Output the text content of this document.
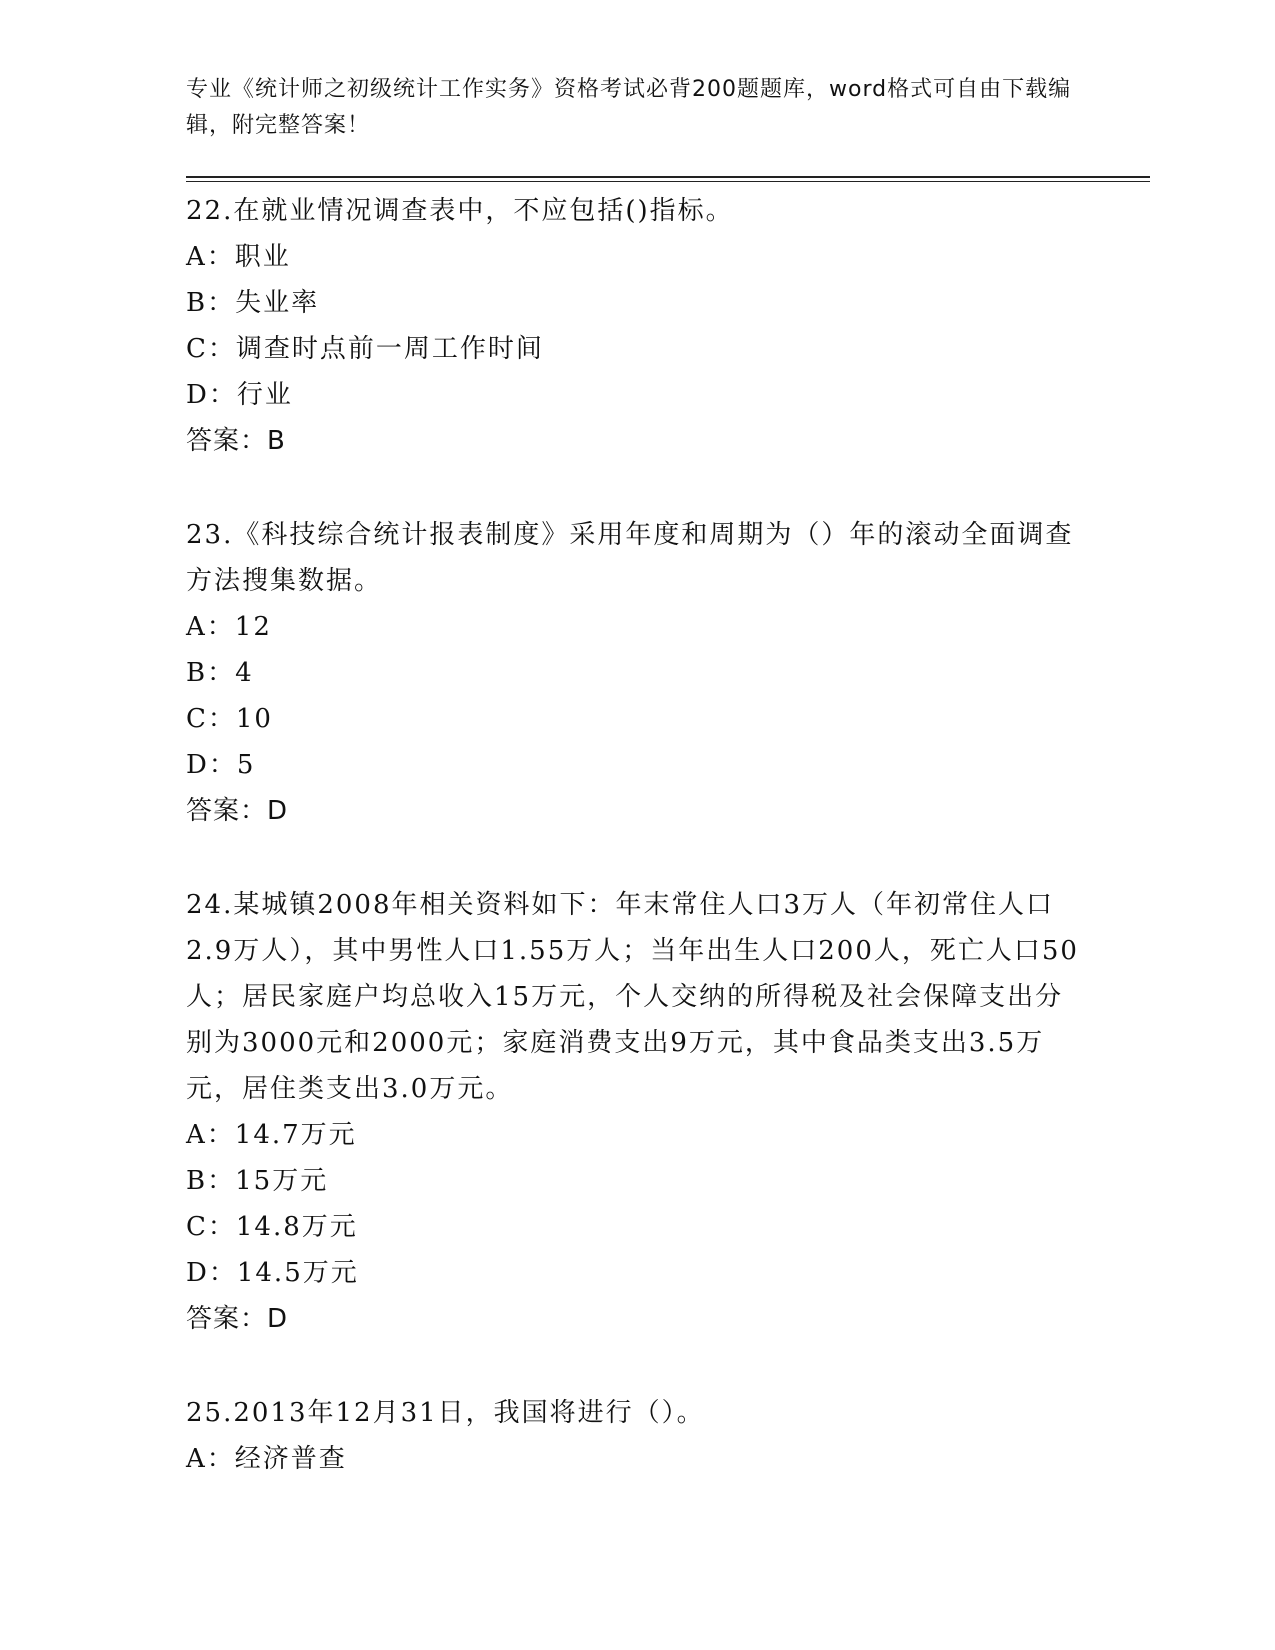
专业《统计师之初级统计工作实务》资格考试必背200题题库，word格式可自由下载编辑，附完整答案！
22.在就业情况调查表中，不应包括()指标。
A：职业
B：失业率
C：调查时点前一周工作时间
D：行业
答案：B
23.《科技综合统计报表制度》采用年度和周期为（）年的滚动全面调查方法搜集数据。
A：12
B：4
C：10
D：5
答案：D
24.某城镇2008年相关资料如下：年末常住人口3万人（年初常住人口2.9万人），其中男性人口1.55万人；当年出生人口200人，死亡人口50人；居民家庭户均总收入15万元，个人交纳的所得税及社会保障支出分别为3000元和2000元；家庭消费支出9万元，其中食品类支出3.5万元，居住类支出3.0万元。
A：14.7万元
B：15万元
C：14.8万元
D：14.5万元
答案：D
25.2013年12月31日，我国将进行（）。
A：经济普查
